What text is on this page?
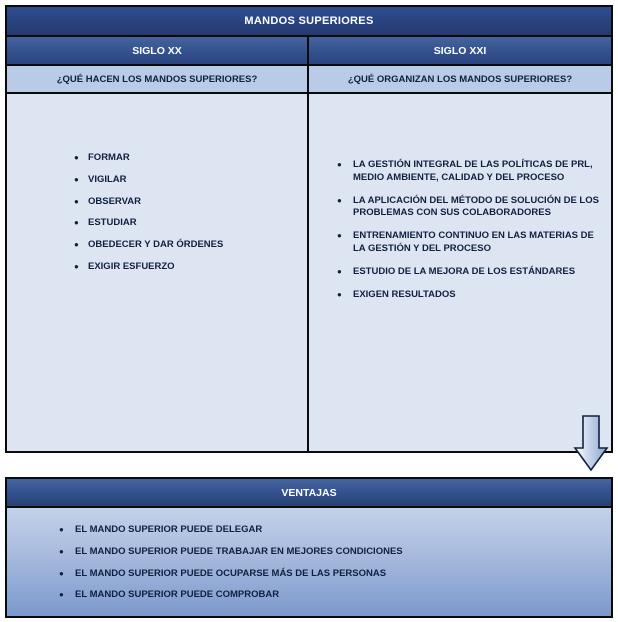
MANDOS SUPERIORES
SIGLO XX
¿QUÉ HACEN LOS MANDOS SUPERIORES?
● FORMAR
● VIGILAR
● OBSERVAR
● ESTUDIAR
● OBEDECER Y DAR ÓRDENES
● EXIGIR ESFUERZO
SIGLO XXI
¿QUÉ ORGANIZAN LOS MANDOS SUPERIORES?
● LA GESTIÓN INTEGRAL DE LAS POLÍTICAS DE PRL, MEDIO AMBIENTE, CALIDAD Y DEL PROCESO
● LA APLICACIÓN DEL MÉTODO DE SOLUCIÓN DE LOS PROBLEMAS CON SUS COLABORADORES
● ENTRENAMIENTO CONTINUO EN LAS MATERIAS DE LA GESTIÓN Y DEL PROCESO
● ESTUDIO DE LA MEJORA DE LOS ESTÁNDARES
● EXIGEN RESULTADOS
VENTAJAS
● EL MANDO SUPERIOR PUEDE DELEGAR
● EL MANDO SUPERIOR PUEDE TRABAJAR EN MEJORES CONDICIONES
● EL MANDO SUPERIOR PUEDE OCUPARSE MÁS DE LAS PERSONAS
● EL MANDO SUPERIOR PUEDE COMPROBAR
